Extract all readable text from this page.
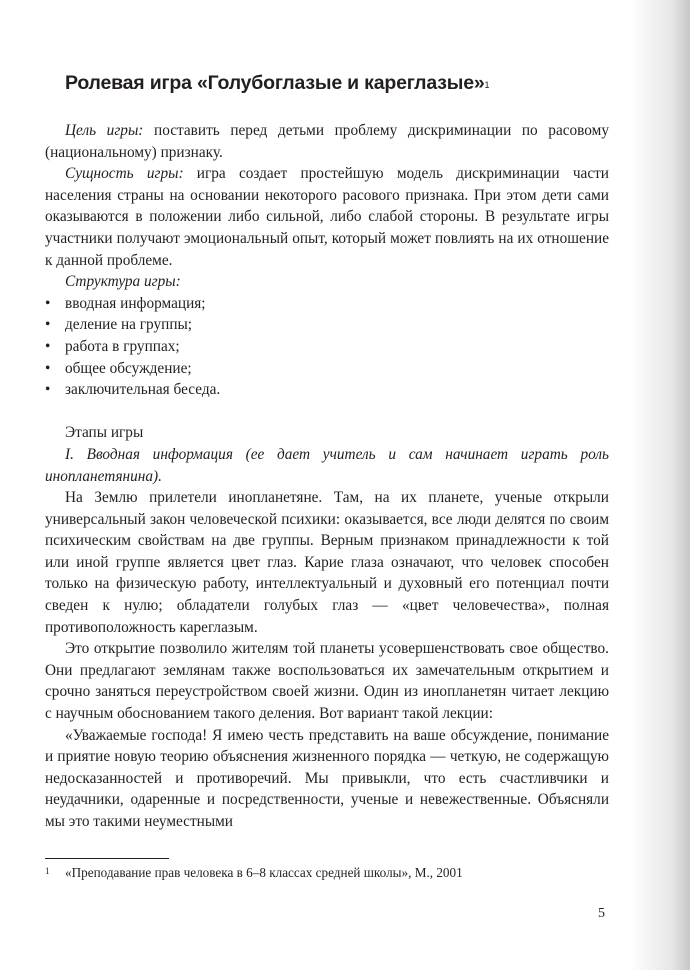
Ролевая игра «Голубоглазые и кареглазые»$^1$

Цель игры: поставить перед детьми проблему дискриминации по расовому (национальному) признаку.

Сущность игры: игра создает простейшую модель дискриминации части населения страны на основании некоторого расового признака. При этом дети сами оказываются в положении либо сильной, либо слабой стороны. В результате игры участники получают эмоциональный опыт, который может повлиять на их отношение к данной проблеме.

Структура игры:

• вводная информация;
• деление на группы;
• работа в группах;
• общее обсуждение;
• заключительная беседа.

Этапы игры

I. Вводная информация (ее дает учитель и сам начинает играть роль инопланетянина).

На Землю прилетели инопланетяне. Там, на их планете, ученые открыли универсальный закон человеческой психики: оказывается, все люди делятся по своим психическим свойствам на две группы. Верным признаком принадлежности к той или иной группе является цвет глаз. Карие глаза означают, что человек способен только на физическую работу, интеллектуальный и духовный его потенциал почти сведен к нулю; обладатели голубых глаз — «цвет человечества», полная противоположность кареглазым.

Это открытие позволило жителям той планеты усовершенствовать свое общество. Они предлагают землянам также воспользоваться их замечательным открытием и срочно заняться переустройством своей жизни. Один из инопланетян читает лекцию с научным обоснованием такого деления. Вот вариант такой лекции:

«Уважаемые господа! Я имею честь представить на ваше обсуждение, понимание и приятие новую теорию объяснения жизненного порядка — четкую, не содержащую недосказанностей и противоречий. Мы привыкли, что есть счастливчики и неудачники, одаренные и посредственности, ученые и невежественные. Объясняли мы это такими неуместными

1 «Преподавание прав человека в 6–8 классах средней школы», М., 2001
5
